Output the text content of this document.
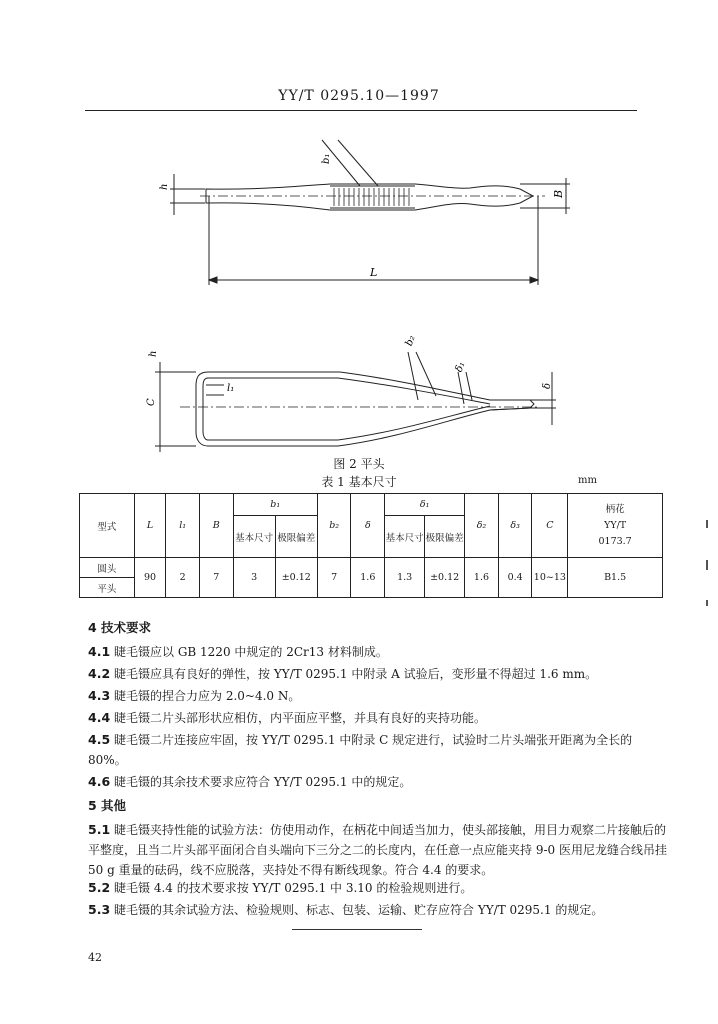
YY/T 0295.10—1997
L
h
B
b₁
C
l₁
b₂
δ₁
δ
h
图 2 平头
表 1 基本尺寸	mm
型式	L	l₁	B	b₁		b₂	δ	δ₁		δ₂	δ₃	C	柄花
YY/T
0173.7

				基本尺寸	极限偏差			基本尺寸	极限偏差				
圆头	90	2	7	3	±0.12	7	1.6	1.3	±0.12	1.6	0.4	10~13	B1.5
平头													
4 技术要求
4.1 睫毛镊应以 GB 1220 中规定的 2Cr13 材料制成。
4.2 睫毛镊应具有良好的弹性，按 YY/T 0295.1 中附录 A 试验后，变形量不得超过 1.6 mm。
4.3 睫毛镊的捏合力应为 2.0~4.0 N。
4.4 睫毛镊二片头部形状应相仿，内平面应平整，并具有良好的夹持功能。
4.5 睫毛镊二片连接应牢固，按 YY/T 0295.1 中附录 C 规定进行，试验时二片头端张开距离为全长的 80%。
4.6 睫毛镊的其余技术要求应符合 YY/T 0295.1 中的规定。
5 其他
5.1 睫毛镊夹持性能的试验方法：仿使用动作，在柄花中间适当加力，使头部接触，用目力观察二片接触后的平整度，且当二片头部平面闭合自头端向下三分之二的长度内，在任意一点应能夹持 9-0 医用尼龙缝合线吊挂 50 g 重量的砝码，线不应脱落，夹持处不得有断线现象。符合 4.4 的要求。
5.2 睫毛镊 4.4 的技术要求按 YY/T 0295.1 中 3.10 的检验规则进行。
5.3 睫毛镊的其余试验方法、检验规则、标志、包装、运输、贮存应符合 YY/T 0295.1 的规定。
42
